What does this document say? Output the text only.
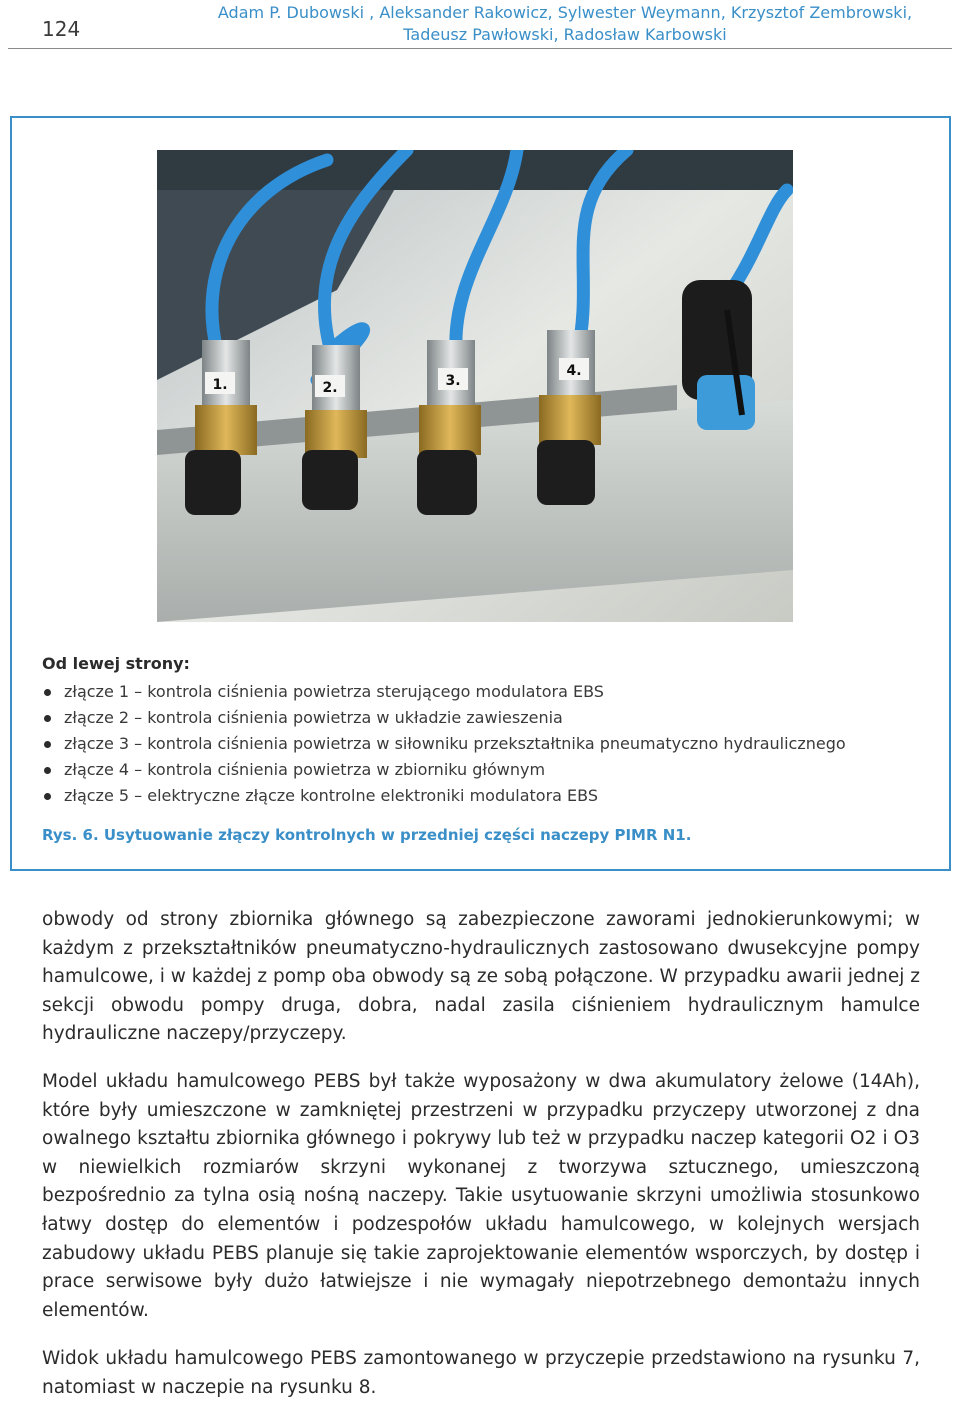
124
Adam P. Dubowski , Aleksander Rakowicz, Sylwester Weymann, Krzysztof Zembrowski,
Tadeusz Pawłowski, Radosław Karbowski
1.	2.	3.
4.
Od lewej strony:
złącze 1 – kontrola ciśnienia powietrza sterującego modulatora EBS
złącze 2 – kontrola ciśnienia powietrza w układzie zawieszenia
złącze 3 – kontrola ciśnienia powietrza w siłowniku przekształtnika pneumatyczno hydraulicznego
złącze 4 – kontrola ciśnienia powietrza w zbiorniku głównym
złącze 5 – elektryczne złącze kontrolne elektroniki modulatora EBS
Rys. 6. Usytuowanie złączy kontrolnych w przedniej części naczepy PIMR N1.

obwody od strony zbiornika głównego są zabezpieczone zaworami jednokierunkowymi; w każdym z przekształtników pneumatyczno-hydraulicznych zastosowano dwusekcyjne pompy hamulcowe, i w każdej z pomp oba obwody są ze sobą połączone. W przypadku awarii jednej z sekcji obwodu pompy druga, dobra, nadal zasila ciśnieniem hydraulicznym hamulce hydrauliczne naczepy/przyczepy.

Model układu hamulcowego PEBS był także wyposażony w dwa akumulatory żelowe (14Ah), które były umieszczone w zamkniętej przestrzeni w przypadku przyczepy utworzonej z dna owalnego kształtu zbiornika głównego i pokrywy lub też w przypadku naczep kategorii O2 i O3 w niewielkich rozmiarów skrzyni wykonanej z tworzywa sztucznego, umieszczoną bezpośrednio za tylna osią nośną naczepy. Takie usytuowanie skrzyni umożliwia stosunkowo łatwy dostęp do elementów i podzespołów układu hamulcowego, w kolejnych wersjach zabudowy układu PEBS planuje się takie zaprojektowanie elementów wsporczych, by dostęp i prace serwisowe były dużo łatwiejsze i nie wymagały niepotrzebnego demontażu innych elementów.

Widok układu hamulcowego PEBS zamontowanego w przyczepie przedstawiono na rysunku 7, natomiast w naczepie na rysunku 8.
